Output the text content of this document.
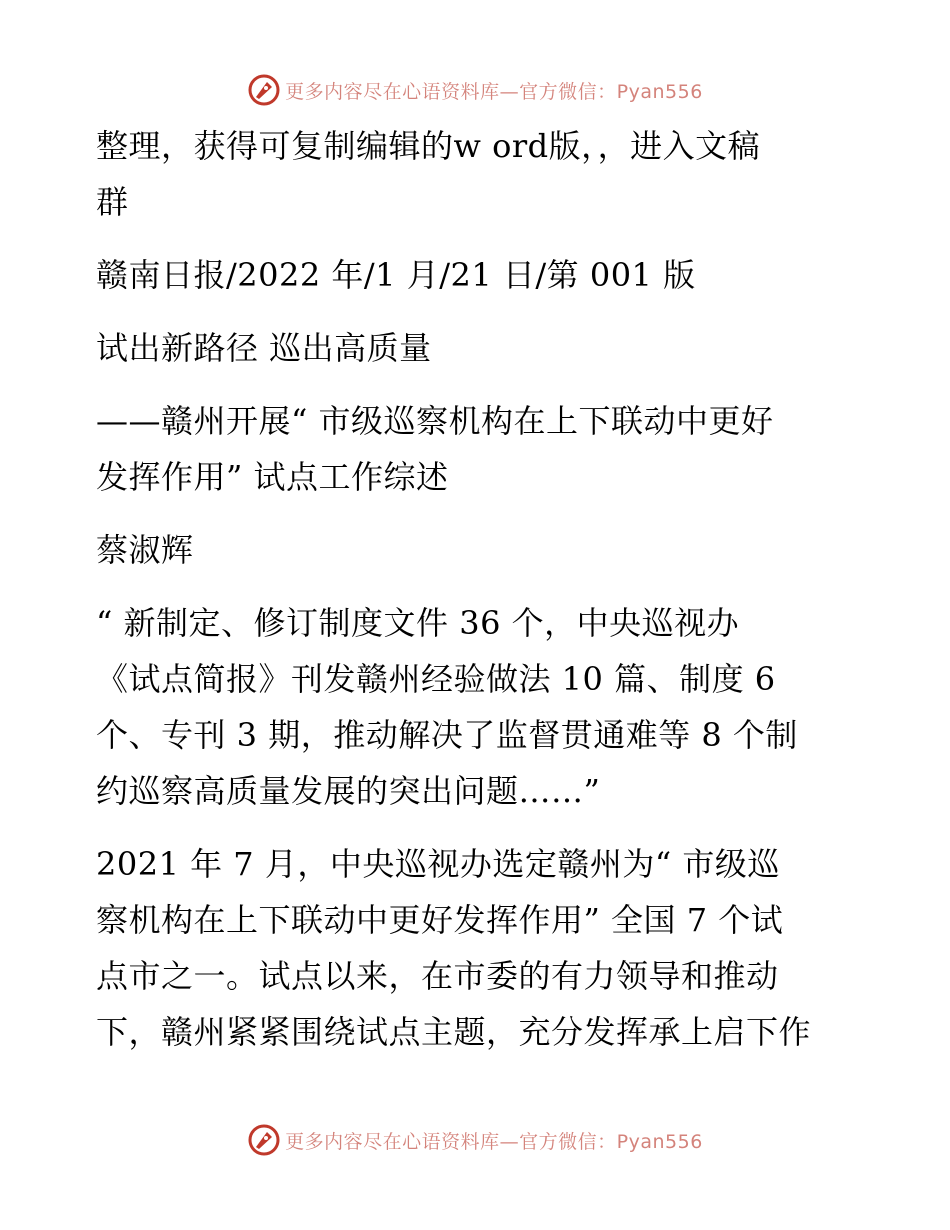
更多内容尽在心语资料库—官方微信：Pyan556
整理，获得可复制编辑的w ord版，，进入文稿
群
赣南日报/2022 年/1 月/21 日/第 001 版
试出新路径 巡出高质量
——赣州开展“ 市级巡察机构在上下联动中更好
发挥作用” 试点工作综述
蔡淑辉
“ 新制定、修订制度文件 36 个，中央巡视办
《试点简报》刊发赣州经验做法 10 篇、制度 6
个、专刊 3 期，推动解决了监督贯通难等 8 个制
约巡察高质量发展的突出问题……”
2021 年 7 月，中央巡视办选定赣州为“ 市级巡
察机构在上下联动中更好发挥作用” 全国 7 个试
点市之一。试点以来，在市委的有力领导和推动
下，赣州紧紧围绕试点主题，充分发挥承上启下作
更多内容尽在心语资料库—官方微信：Pyan556
